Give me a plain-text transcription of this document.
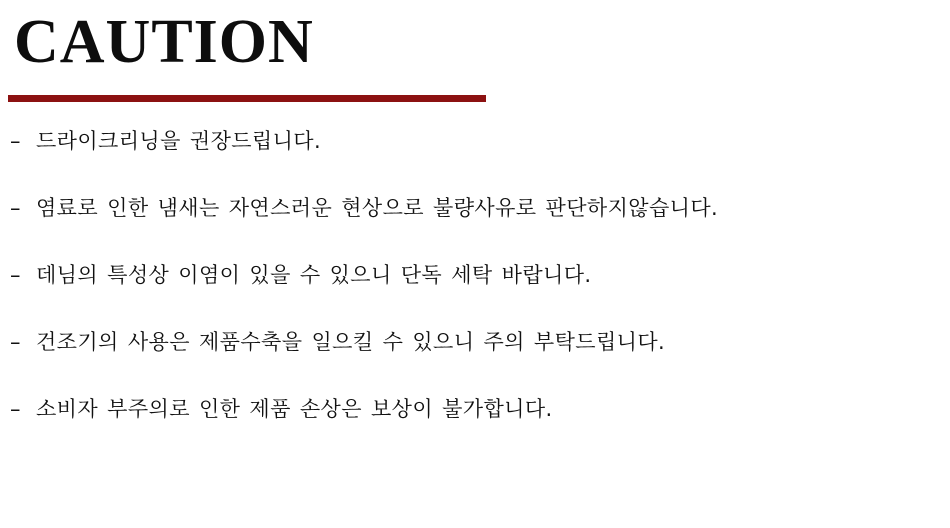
CAUTION
– 드라이크리닝을 권장드립니다.
– 염료로 인한 냄새는 자연스러운 현상으로 불량사유로 판단하지않습니다.
– 데님의 특성상 이염이 있을 수 있으니 단독 세탁 바랍니다.
– 건조기의 사용은 제품수축을 일으킬 수 있으니 주의 부탁드립니다.
– 소비자 부주의로 인한 제품 손상은 보상이 불가합니다.
